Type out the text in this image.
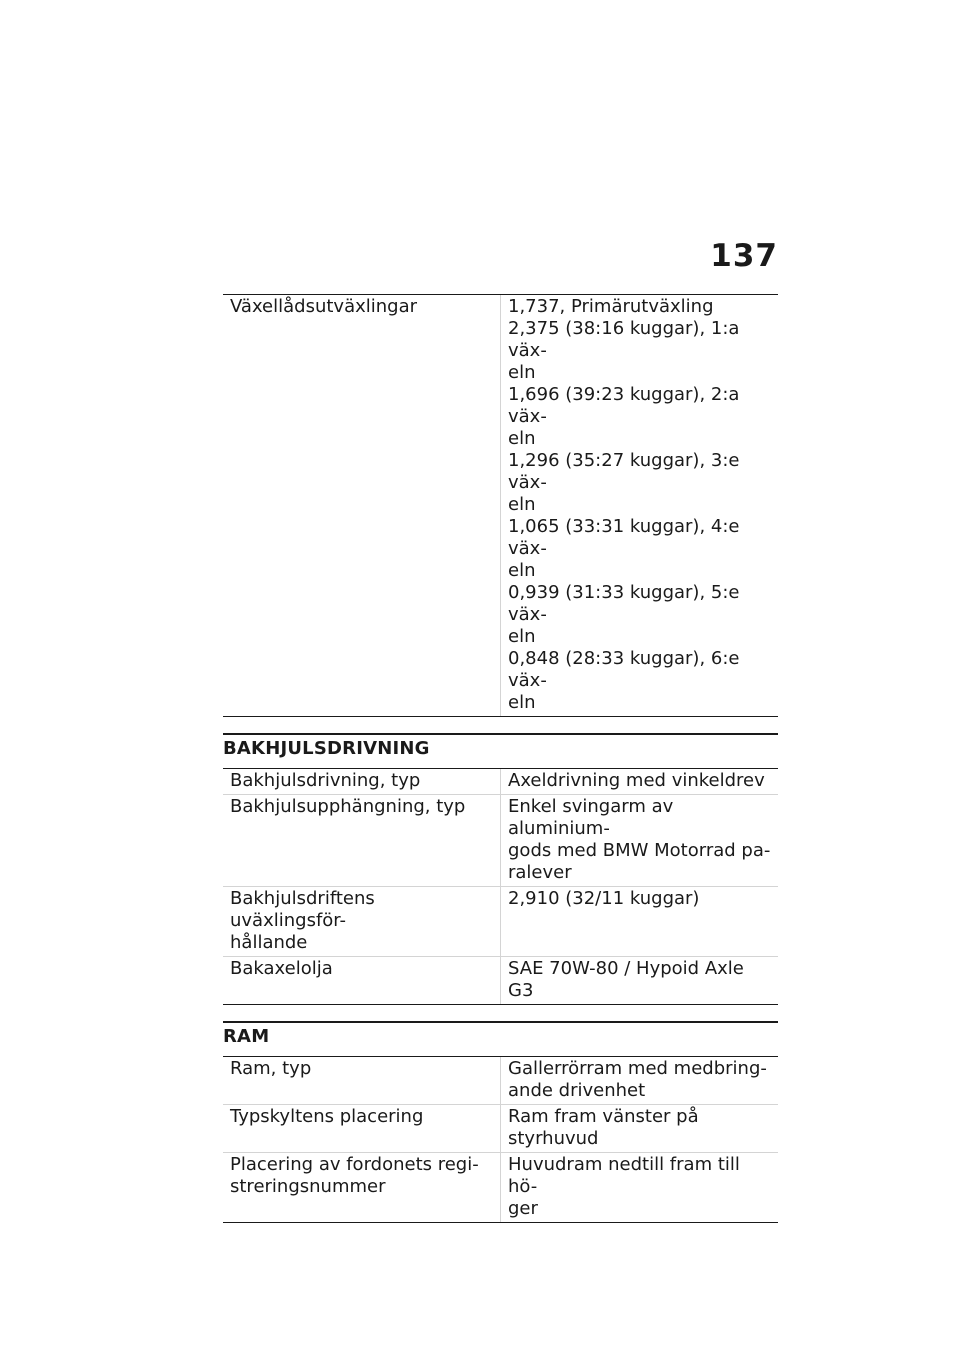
137
Växellådsutväxlingar	1,737, Primärutväxling
2,375 (38:16 kuggar), 1:a väx-
eln
1,696 (39:23 kuggar), 2:a väx-
eln
1,296 (35:27 kuggar), 3:e väx-
eln
1,065 (33:31 kuggar), 4:e väx-
eln
0,939 (31:33 kuggar), 5:e väx-
eln
0,848 (28:33 kuggar), 6:e väx-
eln
BAKHJULSDRIVNING
Bakhjulsdrivning, typ	Axeldrivning med vinkeldrev

Bakhjulsupphängning, typ	Enkel svingarm av aluminium-
gods med BMW Motorrad pa-
ralever

Bakhjulsdriftens uväxlingsför-
hållande	2,910 (32/11 kuggar)

Bakaxelolja	SAE 70W-80 / Hypoid Axle
G3
RAM
Ram, typ	Gallerrörram med medbring-
ande drivenhet

Typskyltens placering	Ram fram vänster på styrhuvud

Placering av fordonets regi-
streringsnummer	Huvudram nedtill fram till hö-
ger
